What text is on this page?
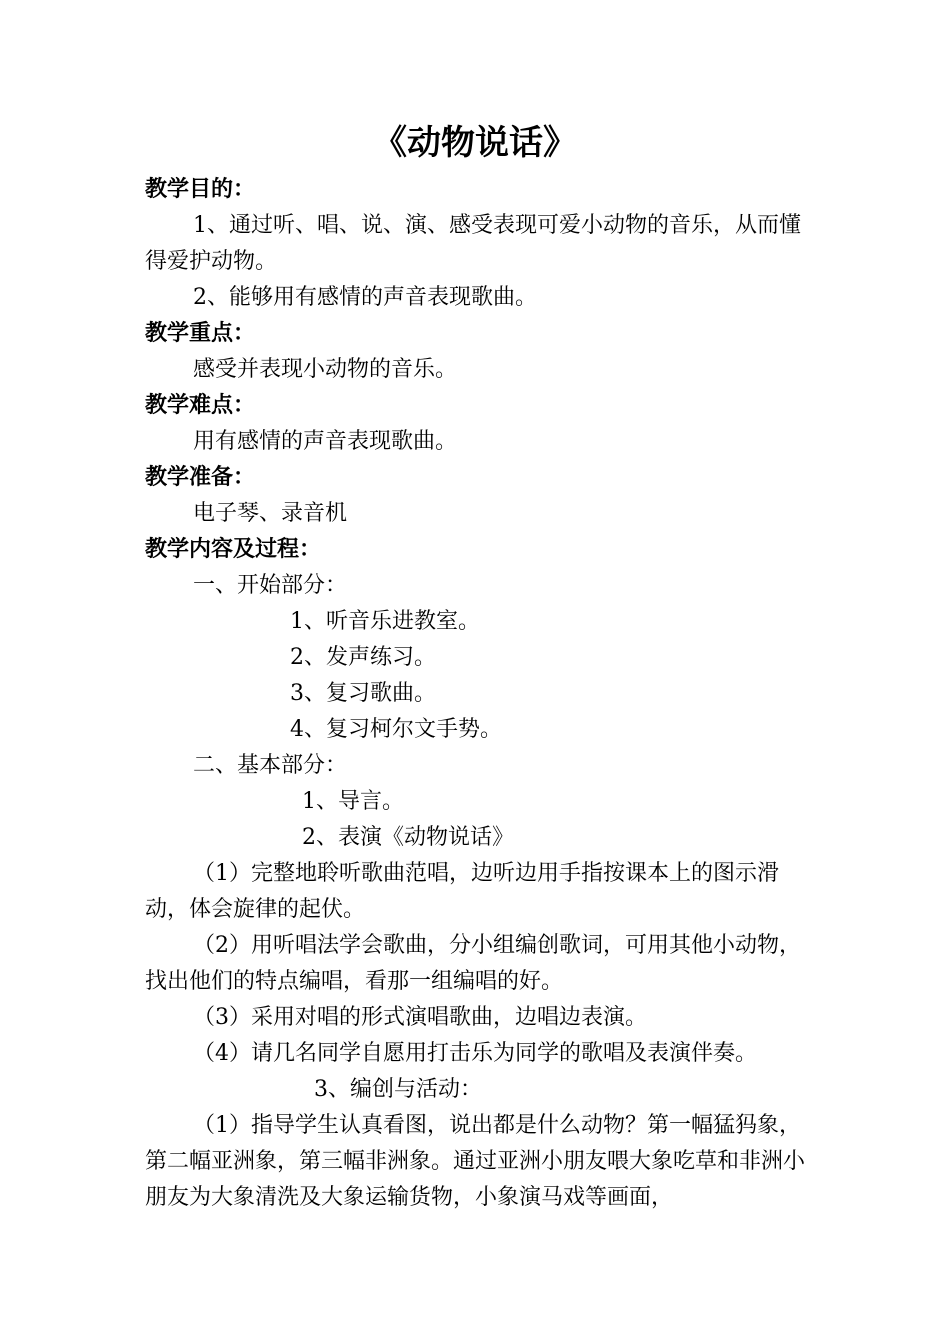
《动物说话》
教学目的：
1、通过听、唱、说、演、感受表现可爱小动物的音乐，从而懂得爱护动物。
2、能够用有感情的声音表现歌曲。
教学重点：
感受并表现小动物的音乐。
教学难点：
用有感情的声音表现歌曲。
教学准备：
电子琴、录音机
教学内容及过程：
一、开始部分：
1、听音乐进教室。
2、发声练习。
3、复习歌曲。
4、复习柯尔文手势。
二、基本部分：
1、导言。
2、表演《动物说话》
（1）完整地聆听歌曲范唱，边听边用手指按课本上的图示滑动，体会旋律的起伏。
（2）用听唱法学会歌曲，分小组编创歌词，可用其他小动物，找出他们的特点编唱，看那一组编唱的好。
（3）采用对唱的形式演唱歌曲，边唱边表演。
（4）请几名同学自愿用打击乐为同学的歌唱及表演伴奏。
3、编创与活动：
（1）指导学生认真看图，说出都是什么动物？第一幅猛犸象，第二幅亚洲象，第三幅非洲象。通过亚洲小朋友喂大象吃草和非洲小朋友为大象清洗及大象运输货物，小象演马戏等画面，
